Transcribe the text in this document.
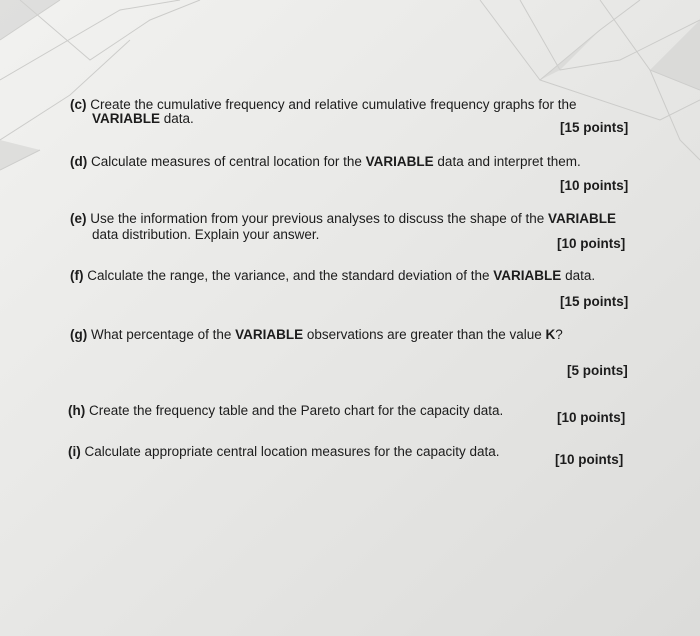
(c) Create the cumulative frequency and relative cumulative frequency graphs for the
VARIABLE data.
[15 points]
(d) Calculate measures of central location for the VARIABLE data and interpret them.
[10 points]
(e) Use the information from your previous analyses to discuss the shape of the VARIABLE
data distribution. Explain your answer.
[10 points]
(f) Calculate the range, the variance, and the standard deviation of the VARIABLE data.
[15 points]
(g) What percentage of the VARIABLE observations are greater than the value K?
[5 points]
(h) Create the frequency table and the Pareto chart for the capacity data.	[10 points]
(i) Calculate appropriate central location measures for the capacity data.
[10 points]
